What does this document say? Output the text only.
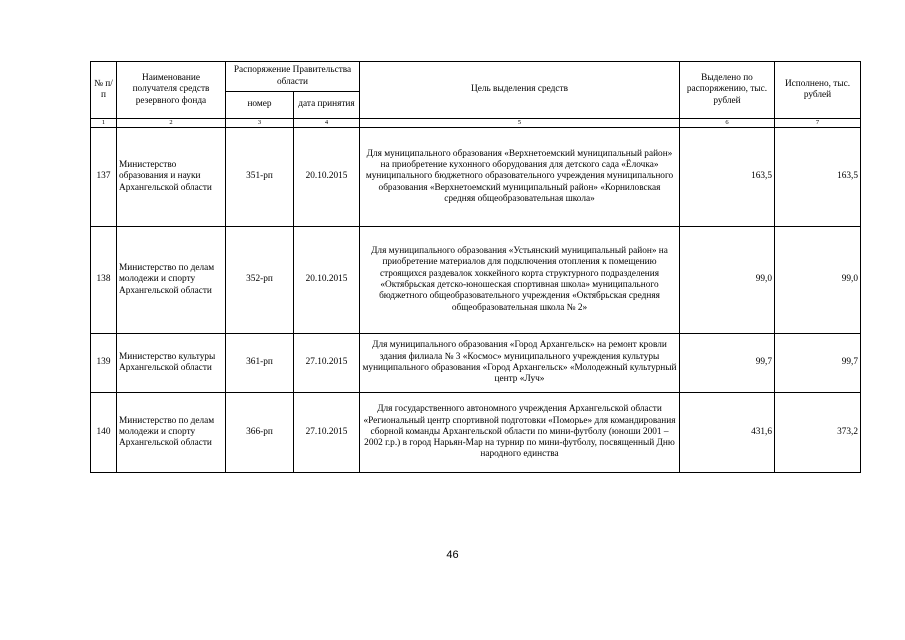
№ п/п	Наименование получателя средств резервного фонда	Распоряжение Правительства области		Цель выделения средств	Выделено по распоряжению, тыс. рублей	Исполнено, тыс. рублей
		номер	дата принятия			
1	2	3	4	5	6	7
137	Министерство образования и науки Архангельской области	351-рп	20.10.2015	Для муниципального образования «Верхнетоемский муниципальный район» на приобретение кухонного оборудования для детского сада «Ёлочка» муниципального бюджетного образовательного учреждения муниципального образования «Верхнетоемский муниципальный район» «Корниловская средняя общеобразовательная школа»	163,5	163,5
138	Министерство по делам молодежи и спорту Архангельской области	352-рп	20.10.2015	Для муниципального образования «Устьянский муниципальный район» на приобретение материалов для подключения отопления к помещению строящихся раздевалок хоккейного корта структурного подразделения «Октябрьская детско-юношеская спортивная школа» муниципального бюджетного общеобразовательного учреждения «Октябрьская средняя общеобразовательная школа № 2»	99,0	99,0
139	Министерство культуры Архангельской области	361-рп	27.10.2015	Для муниципального образования «Город Архангельск» на ремонт кровли здания филиала № 3 «Космос» муниципального учреждения культуры муниципального образования «Город Архангельск» «Молодежный культурный центр «Луч»	99,7	99,7
140	Министерство по делам молодежи и спорту Архангельской области	366-рп	27.10.2015	Для государственного автономного учреждения Архангельской области «Региональный центр спортивной подготовки «Поморье» для командирования сборной команды Архангельской области по мини-футболу (юноши 2001 – 2002 г.р.) в город Нарьян-Мар на турнир по мини-футболу, посвященный Дню народного единства	431,6	373,2
46
